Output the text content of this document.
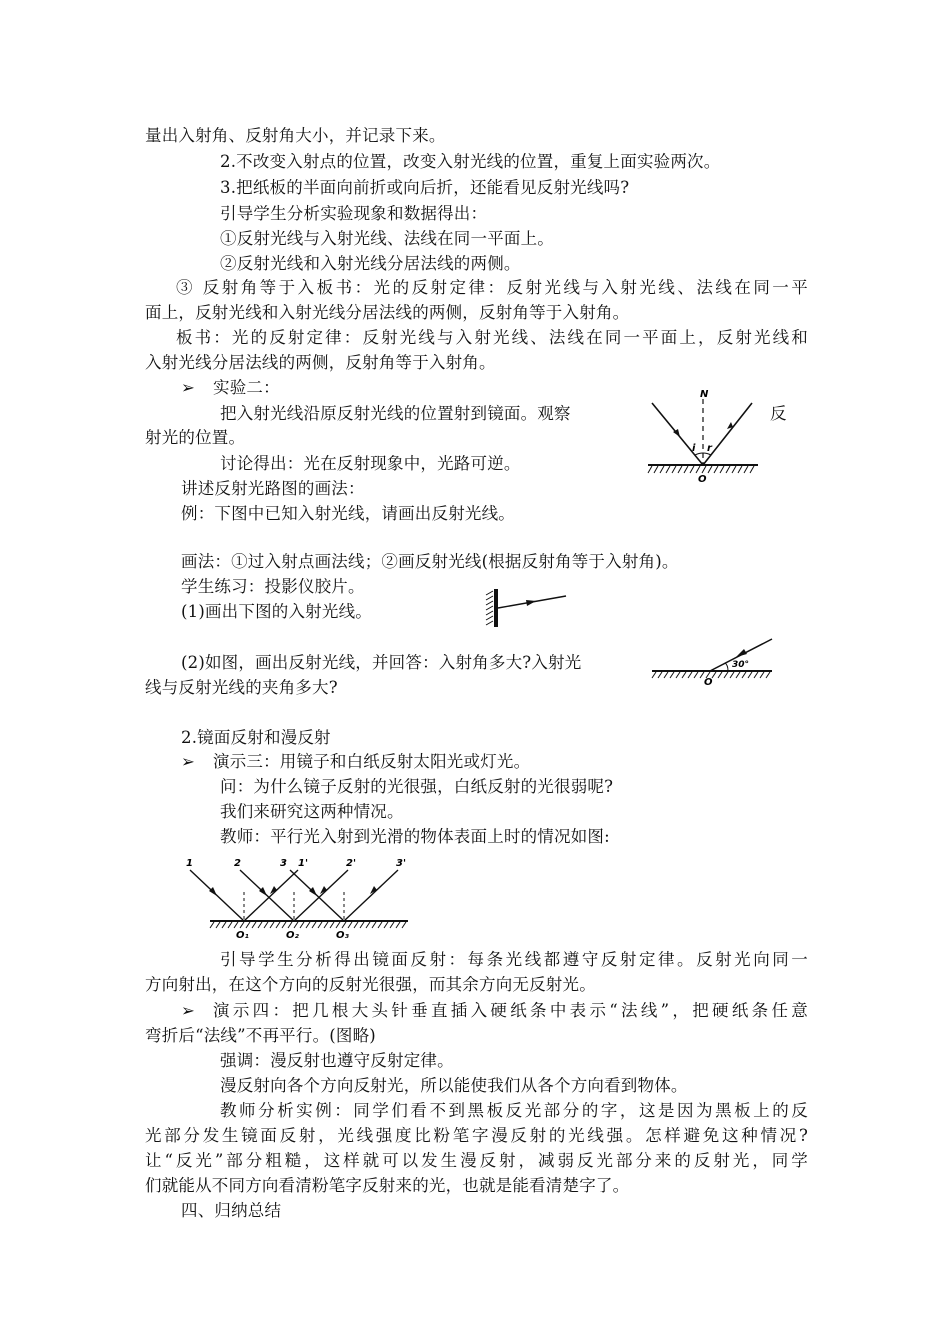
量出入射角、反射角大小，并记录下来。
2.不改变入射点的位置，改变入射光线的位置，重复上面实验两次。
3.把纸板的半面向前折或向后折，还能看见反射光线吗?
引导学生分析实验现象和数据得出：
①反射光线与入射光线、法线在同一平面上。
②反射光线和入射光线分居法线的两侧。
③ 反射角等于入板书：光的反射定律：反射光线与入射光线、法线在同一平
面上，反射光线和入射光线分居法线的两侧，反射角等于入射角。
板书：光的反射定律：反射光线与入射光线、法线在同一平面上，反射光线和
入射光线分居法线的两侧，反射角等于入射角。
➢ 实验二：
把入射光线沿原反射光线的位置射到镜面。观察	反
射光的位置。
讨论得出：光在反射现象中，光路可逆。
讲述反射光路图的画法：
例：下图中已知入射光线，请画出反射光线。
画法：①过入射点画法线；②画反射光线(根据反射角等于入射角)。
学生练习：投影仪胶片。
(1)画出下图的入射光线。
(2)如图，画出反射光线，并回答：入射角多大?入射光
线与反射光线的夹角多大?
2.镜面反射和漫反射
➢ 演示三：用镜子和白纸反射太阳光或灯光。
问：为什么镜子反射的光很强，白纸反射的光很弱呢?
我们来研究这两种情况。
教师：平行光入射到光滑的物体表面上时的情况如图:
引导学生分析得出镜面反射：每条光线都遵守反射定律。反射光向同一
方向射出，在这个方向的反射光很强，而其余方向无反射光。
➢ 演示四：把几根大头针垂直插入硬纸条中表示“法线”，把硬纸条任意
弯折后“法线”不再平行。(图略)
强调：漫反射也遵守反射定律。
漫反射向各个方向反射光，所以能使我们从各个方向看到物体。
教师分析实例：同学们看不到黑板反光部分的字，这是因为黑板上的反
光部分发生镜面反射，光线强度比粉笔字漫反射的光线强。怎样避免这种情况?
让“反光”部分粗糙，这样就可以发生漫反射，减弱反光部分来的反射光，同学
们就能从不同方向看清粉笔字反射来的光，也就是能看清楚字了。
四、归纳总结
N
i r
O
30°
O
1	2	3 1'	2'	3'
O₁	O₂	O₃
